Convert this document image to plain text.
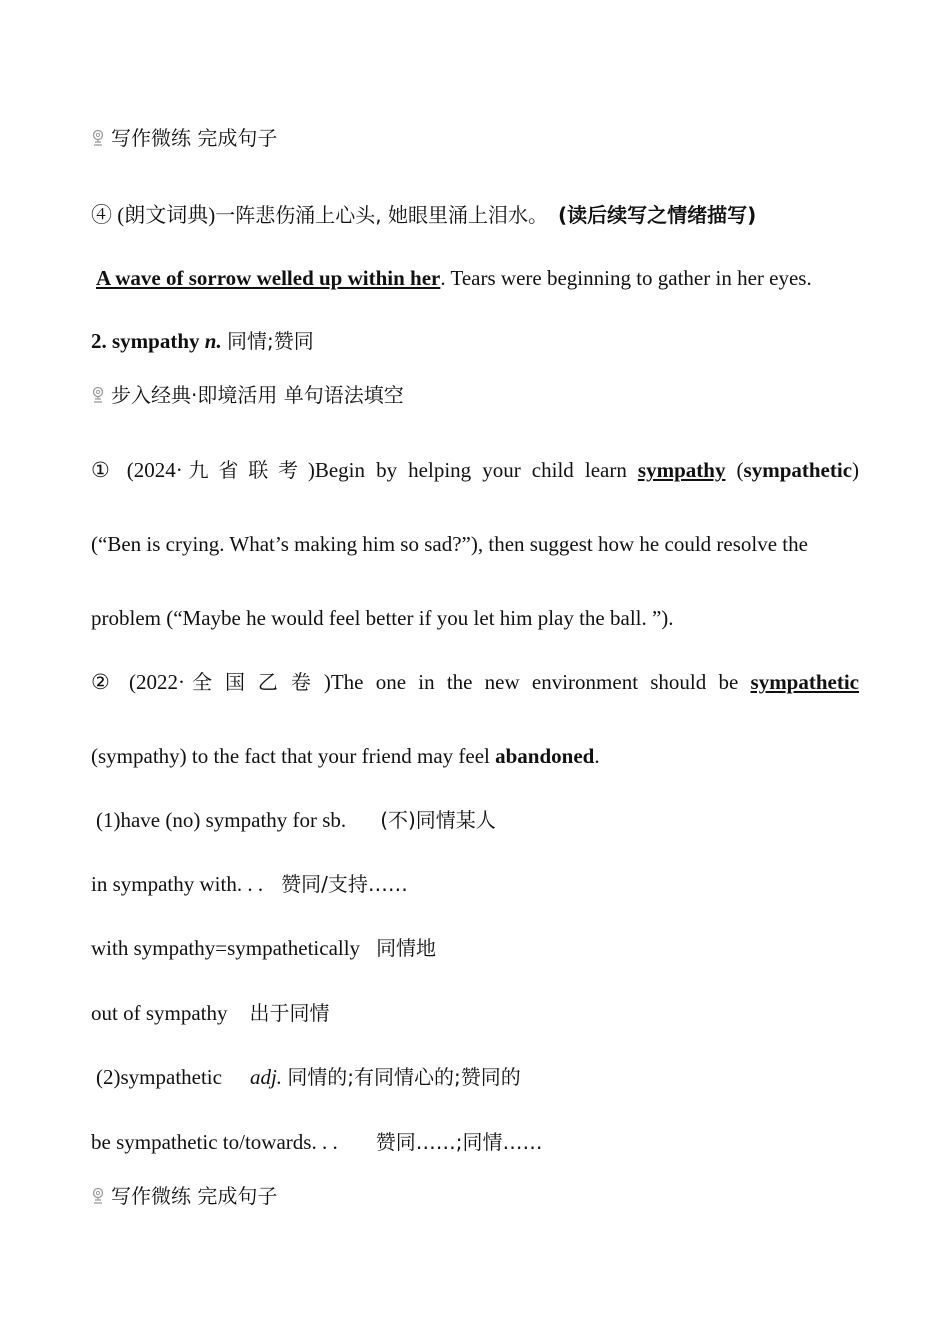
写作微练 完成句子
④ (朗文词典)一阵悲伤涌上心头, 她眼里涌上泪水。 (读后续写之情绪描写)
A wave of sorrow welled up within her. Tears were beginning to gather in her eyes.
2. sympathy n. 同情;赞同
步入经典·即境活用 单句语法填空
① (2024·九省联考)Begin by helping your child learn sympathy (sympathetic)
(“Ben is crying. What’s making him so sad?”), then suggest how he could resolve the
problem (“Maybe he would feel better if you let him play the ball. ”).
② (2022·全国乙卷)The one in the new environment should be sympathetic
(sympathy) to the fact that your friend may feel abandoned.
(1)have (no) sympathy for sb. (不)同情某人
in sympathy with. . . 赞同/支持……
with sympathy=sympathetically 同情地
out of sympathy 出于同情
(2)sympathetic adj. 同情的;有同情心的;赞同的
be sympathetic to/towards. . . 赞同……;同情……
写作微练 完成句子
